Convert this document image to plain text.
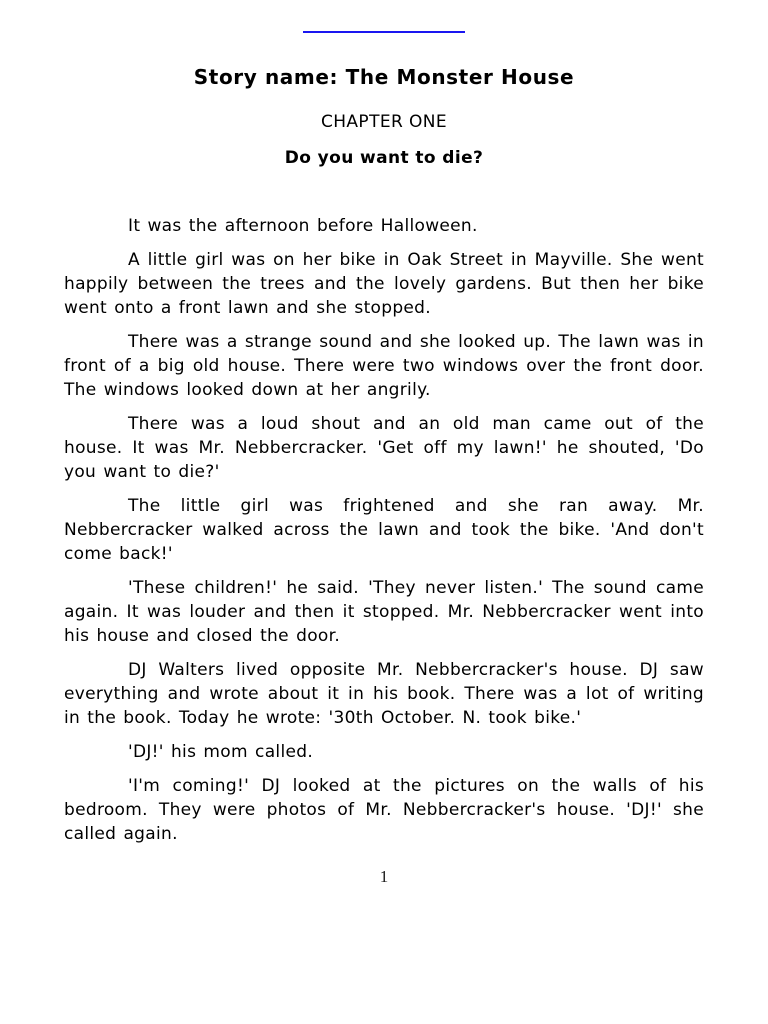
Story name: The Monster House
CHAPTER ONE
Do you want to die?

It was the afternoon before Halloween.

A little girl was on her bike in Oak Street in Mayville. She went happily between the trees and the lovely gardens. But then her bike went onto a front lawn and she stopped.

There was a strange sound and she looked up. The lawn was in front of a big old house. There were two windows over the front door. The windows looked down at her angrily.

There was a loud shout and an old man came out of the house. It was Mr. Nebbercracker. 'Get off my lawn!' he shouted, 'Do you want to die?'

The little girl was frightened and she ran away. Mr. Nebbercracker walked across the lawn and took the bike. 'And don't come back!'

'These children!' he said. 'They never listen.' The sound came again. It was louder and then it stopped. Mr. Nebbercracker went into his house and closed the door.

DJ Walters lived opposite Mr. Nebbercracker's house. DJ saw everything and wrote about it in his book. There was a lot of writing in the book. Today he wrote: '30th October. N. took bike.'

'DJ!' his mom called.

'I'm coming!' DJ looked at the pictures on the walls of his bedroom. They were photos of Mr. Nebbercracker's house. 'DJ!' she called again.

1
